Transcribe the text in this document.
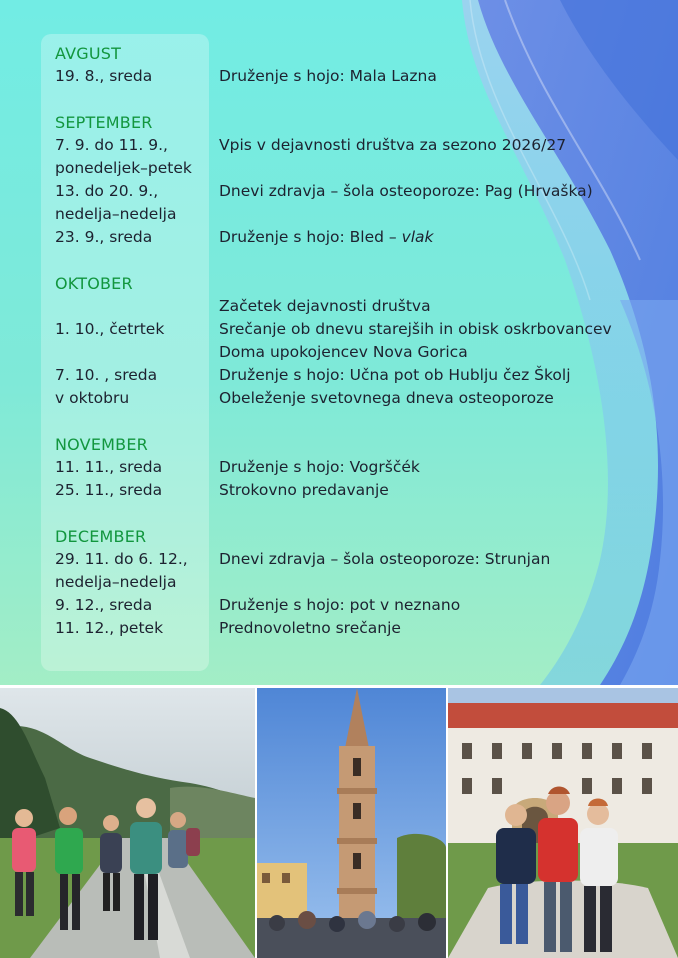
AVGUST
19. 8., sreda	Druženje s hojo: Mala Lazna
SEPTEMBER
7. 9. do 11. 9.,	Vpis v dejavnosti društva za sezono 2026/27
ponedeljek–petek
13. do 20. 9.,	Dnevi zdravja – šola osteoporoze: Pag (Hrvaška)
nedelja–nedelja
23. 9., sreda	Druženje s hojo: Bled – vlak
OKTOBER
Začetek dejavnosti društva
1. 10., četrtek	Srečanje ob dnevu starejših in obisk oskrbovancev
Doma upokojencev Nova Gorica
7. 10. , sreda	Druženje s hojo: Učna pot ob Hublju čez Školj
v oktobru	Obeleženje svetovnega dneva osteoporoze
NOVEMBER
11. 11., sreda	Druženje s hojo: Vogrščék
25. 11., sreda	Strokovno predavanje
DECEMBER
29. 11. do 6. 12.,	Dnevi zdravja – šola osteoporoze: Strunjan
nedelja–nedelja
9. 12., sreda	Druženje s hojo: pot v neznano
11. 12., petek	Prednovoletno srečanje
